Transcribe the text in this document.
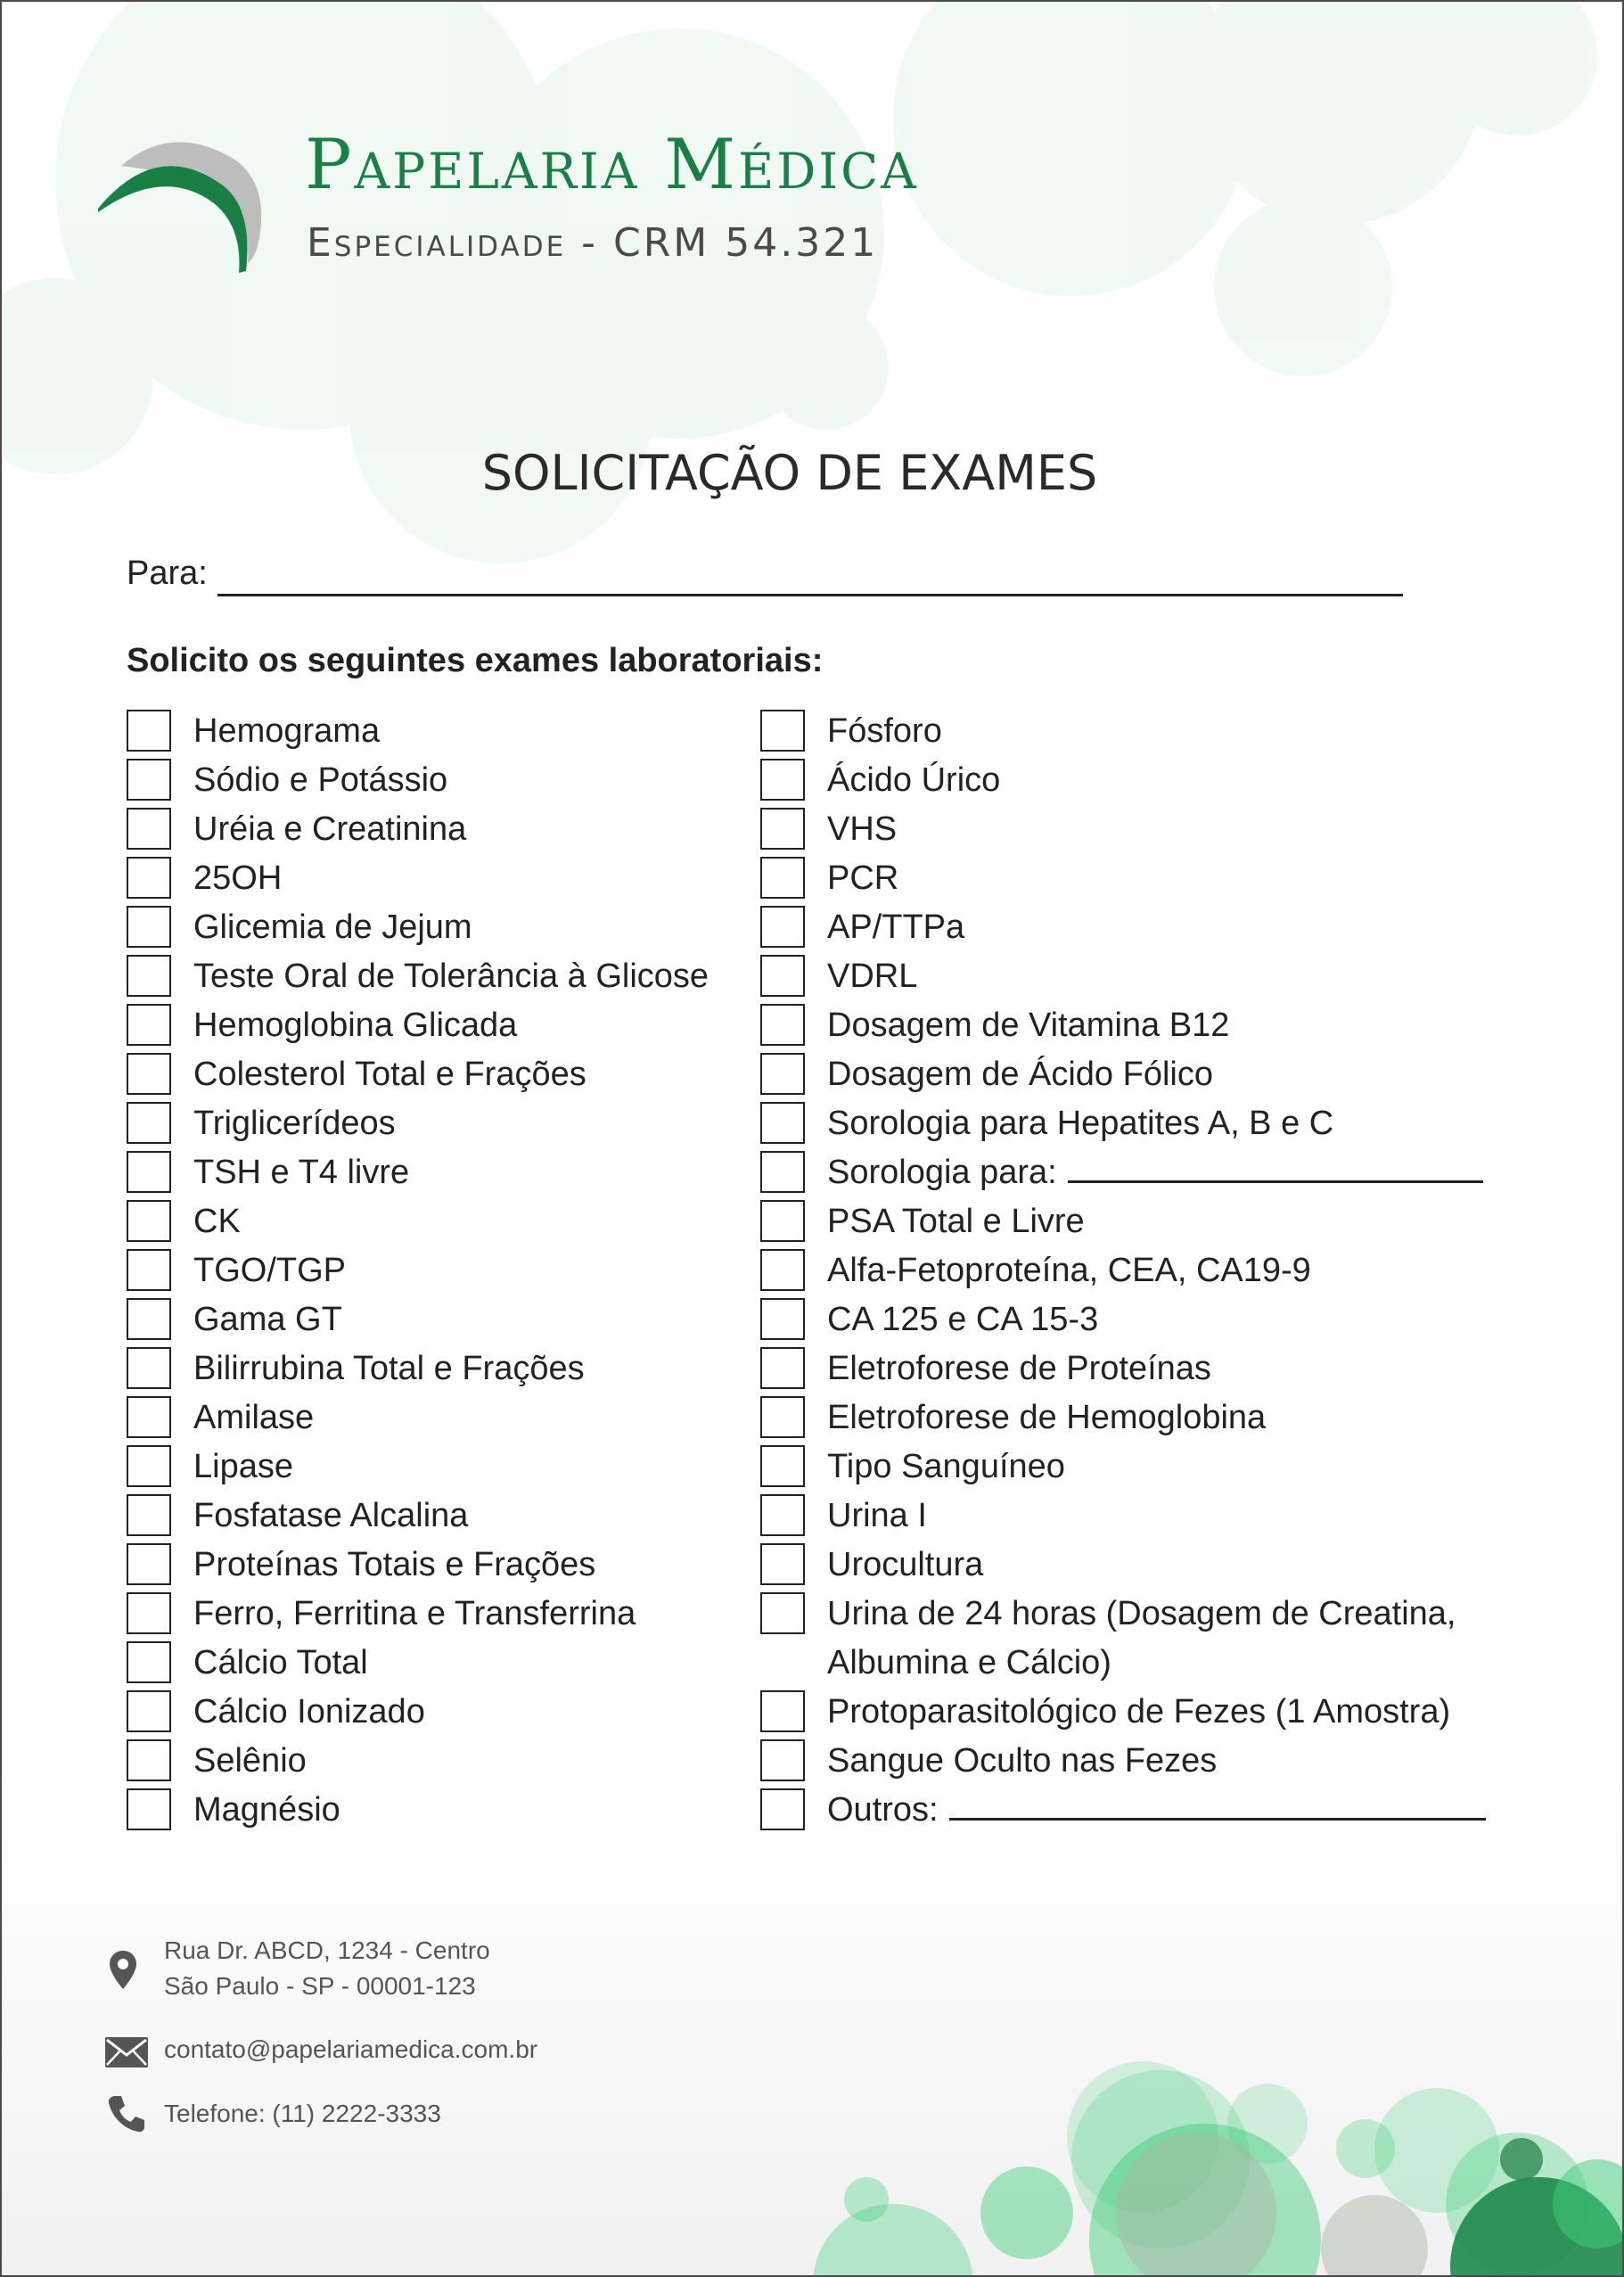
Papelaria Médica
Especialidade - CRM 54.321
SOLICITAÇÃO DE EXAMES
Para:
Solicito os seguintes exames laboratoriais:
Hemograma
Sódio e Potássio
Uréia e Creatinina
25OH
Glicemia de Jejum
Teste Oral de Tolerância à Glicose
Hemoglobina Glicada
Colesterol Total e Frações
Triglicerídeos
TSH e T4 livre
CK
TGO/TGP
Gama GT
Bilirrubina Total e Frações
Amilase
Lipase
Fosfatase Alcalina
Proteínas Totais e Frações
Ferro, Ferritina e Transferrina
Cálcio Total
Cálcio Ionizado
Selênio
Magnésio
Fósforo
Ácido Úrico
VHS
PCR
AP/TTPa
VDRL
Dosagem de Vitamina B12
Dosagem de Ácido Fólico
Sorologia para Hepatites A, B e C
Sorologia para:
PSA Total e Livre
Alfa-Fetoproteína, CEA, CA19-9
CA 125 e CA 15-3
Eletroforese de Proteínas
Eletroforese de Hemoglobina
Tipo Sanguíneo
Urina I
Urocultura
Urina de 24 horas (Dosagem de Creatina, Albumina e Cálcio)
Protoparasitológico de Fezes (1 Amostra)
Sangue Oculto nas Fezes
Outros:
Rua Dr. ABCD, 1234 - Centro
São Paulo - SP - 00001-123
contato@papelariamedica.com.br
Telefone: (11) 2222-3333
